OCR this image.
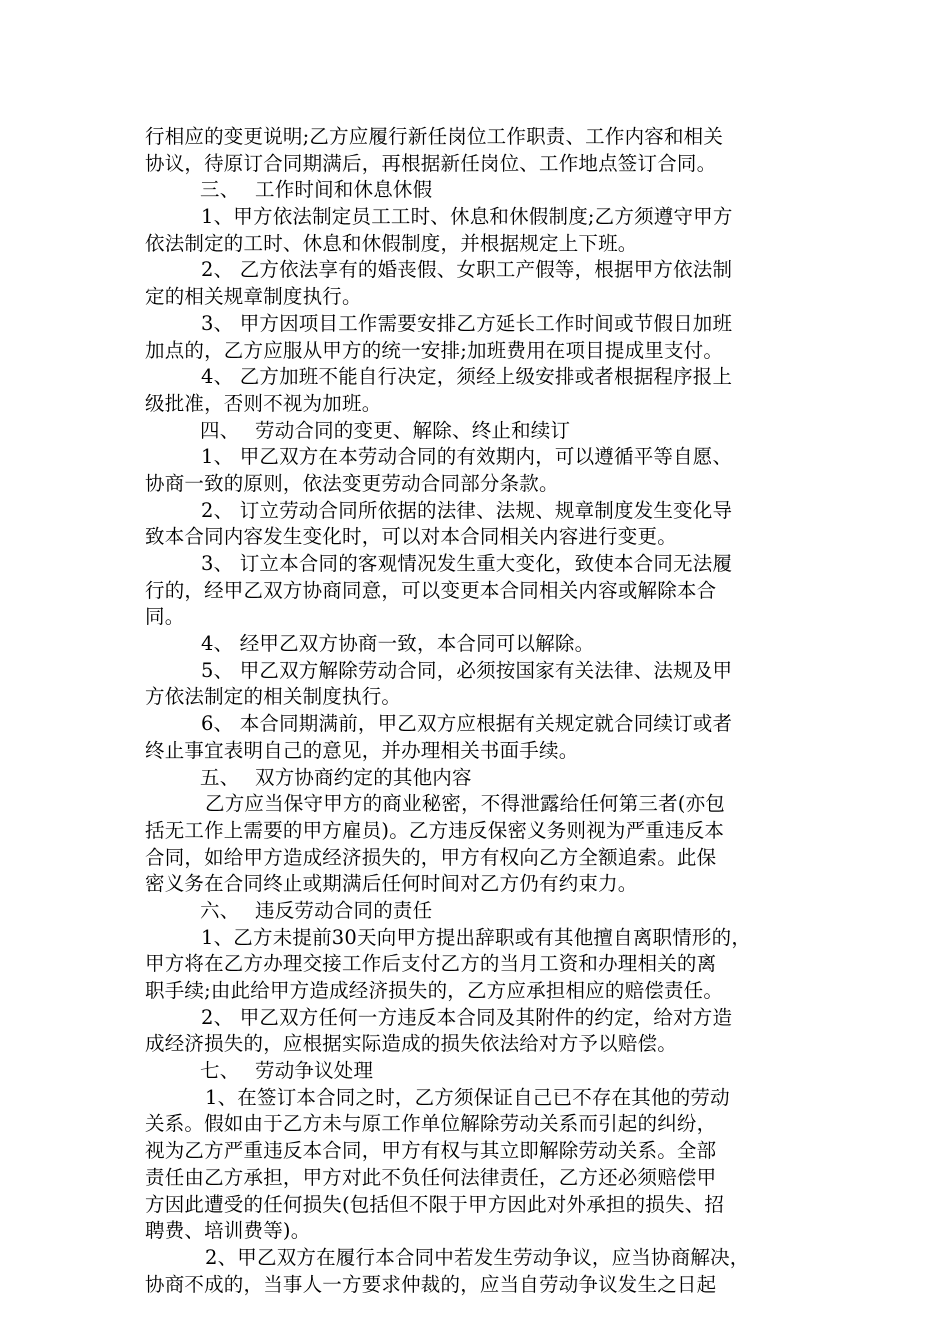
行相应的变更说明;乙方应履行新任岗位工作职责、工作内容和相关
协议，待原订合同期满后，再根据新任岗位、工作地点签订合同。
三、 工作时间和休息休假
1、甲方依法制定员工工时、休息和休假制度;乙方须遵守甲方
依法制定的工时、休息和休假制度，并根据规定上下班。
2、 乙方依法享有的婚丧假、女职工产假等，根据甲方依法制
定的相关规章制度执行。
3、 甲方因项目工作需要安排乙方延长工作时间或节假日加班
加点的，乙方应服从甲方的统一安排;加班费用在项目提成里支付。
4、 乙方加班不能自行决定，须经上级安排或者根据程序报上
级批准，否则不视为加班。
四、 劳动合同的变更、解除、终止和续订
1、 甲乙双方在本劳动合同的有效期内，可以遵循平等自愿、
协商一致的原则，依法变更劳动合同部分条款。
2、 订立劳动合同所依据的法律、法规、规章制度发生变化导
致本合同内容发生变化时，可以对本合同相关内容进行变更。
3、 订立本合同的客观情况发生重大变化，致使本合同无法履
行的，经甲乙双方协商同意，可以变更本合同相关内容或解除本合
同。
4、 经甲乙双方协商一致，本合同可以解除。
5、 甲乙双方解除劳动合同，必须按国家有关法律、法规及甲
方依法制定的相关制度执行。
6、 本合同期满前，甲乙双方应根据有关规定就合同续订或者
终止事宜表明自己的意见，并办理相关书面手续。
五、 双方协商约定的其他内容
乙方应当保守甲方的商业秘密，不得泄露给任何第三者(亦包
括无工作上需要的甲方雇员)。乙方违反保密义务则视为严重违反本
合同，如给甲方造成经济损失的，甲方有权向乙方全额追索。此保
密义务在合同终止或期满后任何时间对乙方仍有约束力。
六、 违反劳动合同的责任
1、乙方未提前30天向甲方提出辞职或有其他擅自离职情形的，
甲方将在乙方办理交接工作后支付乙方的当月工资和办理相关的离
职手续;由此给甲方造成经济损失的，乙方应承担相应的赔偿责任。
2、 甲乙双方任何一方违反本合同及其附件的约定，给对方造
成经济损失的，应根据实际造成的损失依法给对方予以赔偿。
七、 劳动争议处理
1、在签订本合同之时，乙方须保证自己已不存在其他的劳动
关系。假如由于乙方未与原工作单位解除劳动关系而引起的纠纷，
视为乙方严重违反本合同，甲方有权与其立即解除劳动关系。全部
责任由乙方承担，甲方对此不负任何法律责任，乙方还必须赔偿甲
方因此遭受的任何损失(包括但不限于甲方因此对外承担的损失、招
聘费、培训费等)。
2、甲乙双方在履行本合同中若发生劳动争议，应当协商解决，
协商不成的，当事人一方要求仲裁的，应当自劳动争议发生之日起
